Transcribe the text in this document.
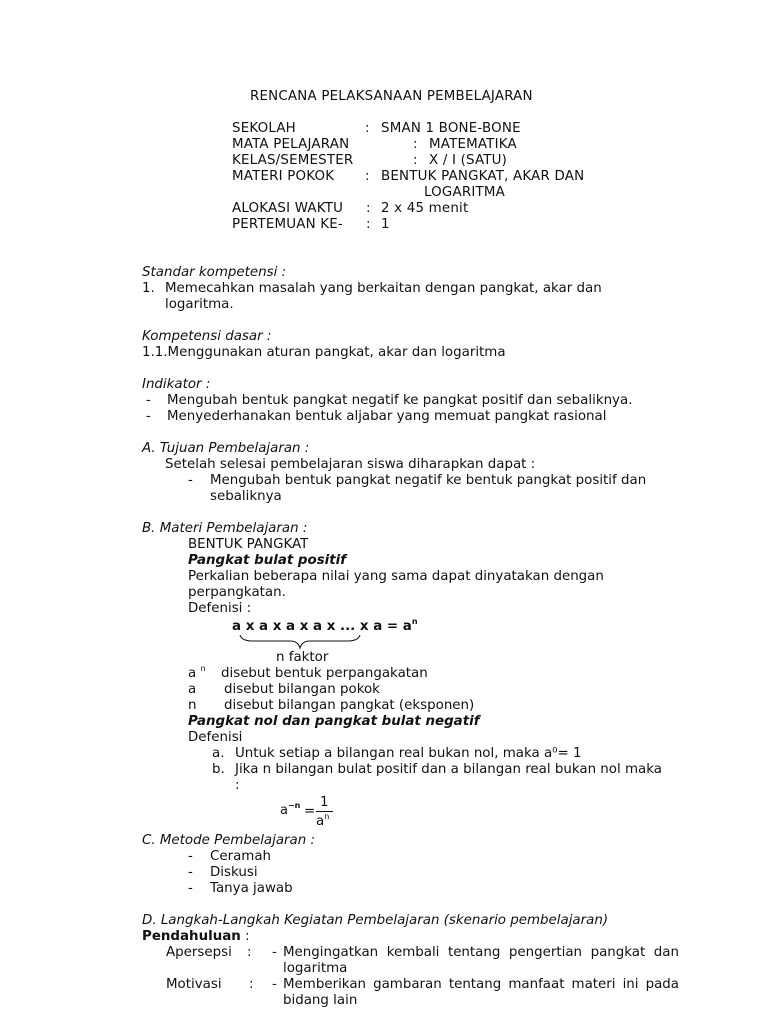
RENCANA PELAKSANAAN PEMBELAJARAN
SEKOLAH	: SMAN 1 BONE-BONE
MATA PELAJARAN	: MATEMATIKA
KELAS/SEMESTER	: X / I (SATU)
MATERI POKOK : BENTUK PANGKAT, AKAR DAN
LOGARITMA
ALOKASI WAKTU : 2 x 45 menit
PERTEMUAN KE- : 1
Standar kompetensi :
1. Memecahkan masalah yang berkaitan dengan pangkat, akar dan
logaritma.
Kompetensi dasar :
1.1.Menggunakan aturan pangkat, akar dan logaritma
Indikator :
- Mengubah bentuk pangkat negatif ke pangkat positif dan sebaliknya.
- Menyederhanakan bentuk aljabar yang memuat pangkat rasional
A. Tujuan Pembelajaran :
Setelah selesai pembelajaran siswa diharapkan dapat :
- Mengubah bentuk pangkat negatif ke bentuk pangkat positif dan
sebaliknya
B. Materi Pembelajaran :
BENTUK PANGKAT
Pangkat bulat positif
Perkalian beberapa nilai yang sama dapat dinyatakan dengan
perpangkatan.
Defenisi :
a x a x a x a x ... x $a = a^n$
n faktor
a $^n$ disebut bentuk perpangakatan
a disebut bilangan pokok
n disebut bilangan pangkat (eksponen)
Pangkat nol dan pangkat bulat negatif
Defenisi
a. Untuk setiap a bilangan real bukan nol, maka a⁰= 1
b. Jika n bilangan bulat positif dan a bilangan real bukan nol maka
:
$a^{-n}$ =
1
$a^n$
C. Metode Pembelajaran :
- Ceramah
- Diskusi
- Tanya jawab
D. Langkah-Langkah Kegiatan Pembelajaran (skenario pembelajaran)
Pendahuluan :
Apersepsi : - Mengingatkan kembali tentang pengertian pangkat dan
logaritma
Motivasi : - Memberikan gambaran tentang manfaat materi ini pada
bidang lain
